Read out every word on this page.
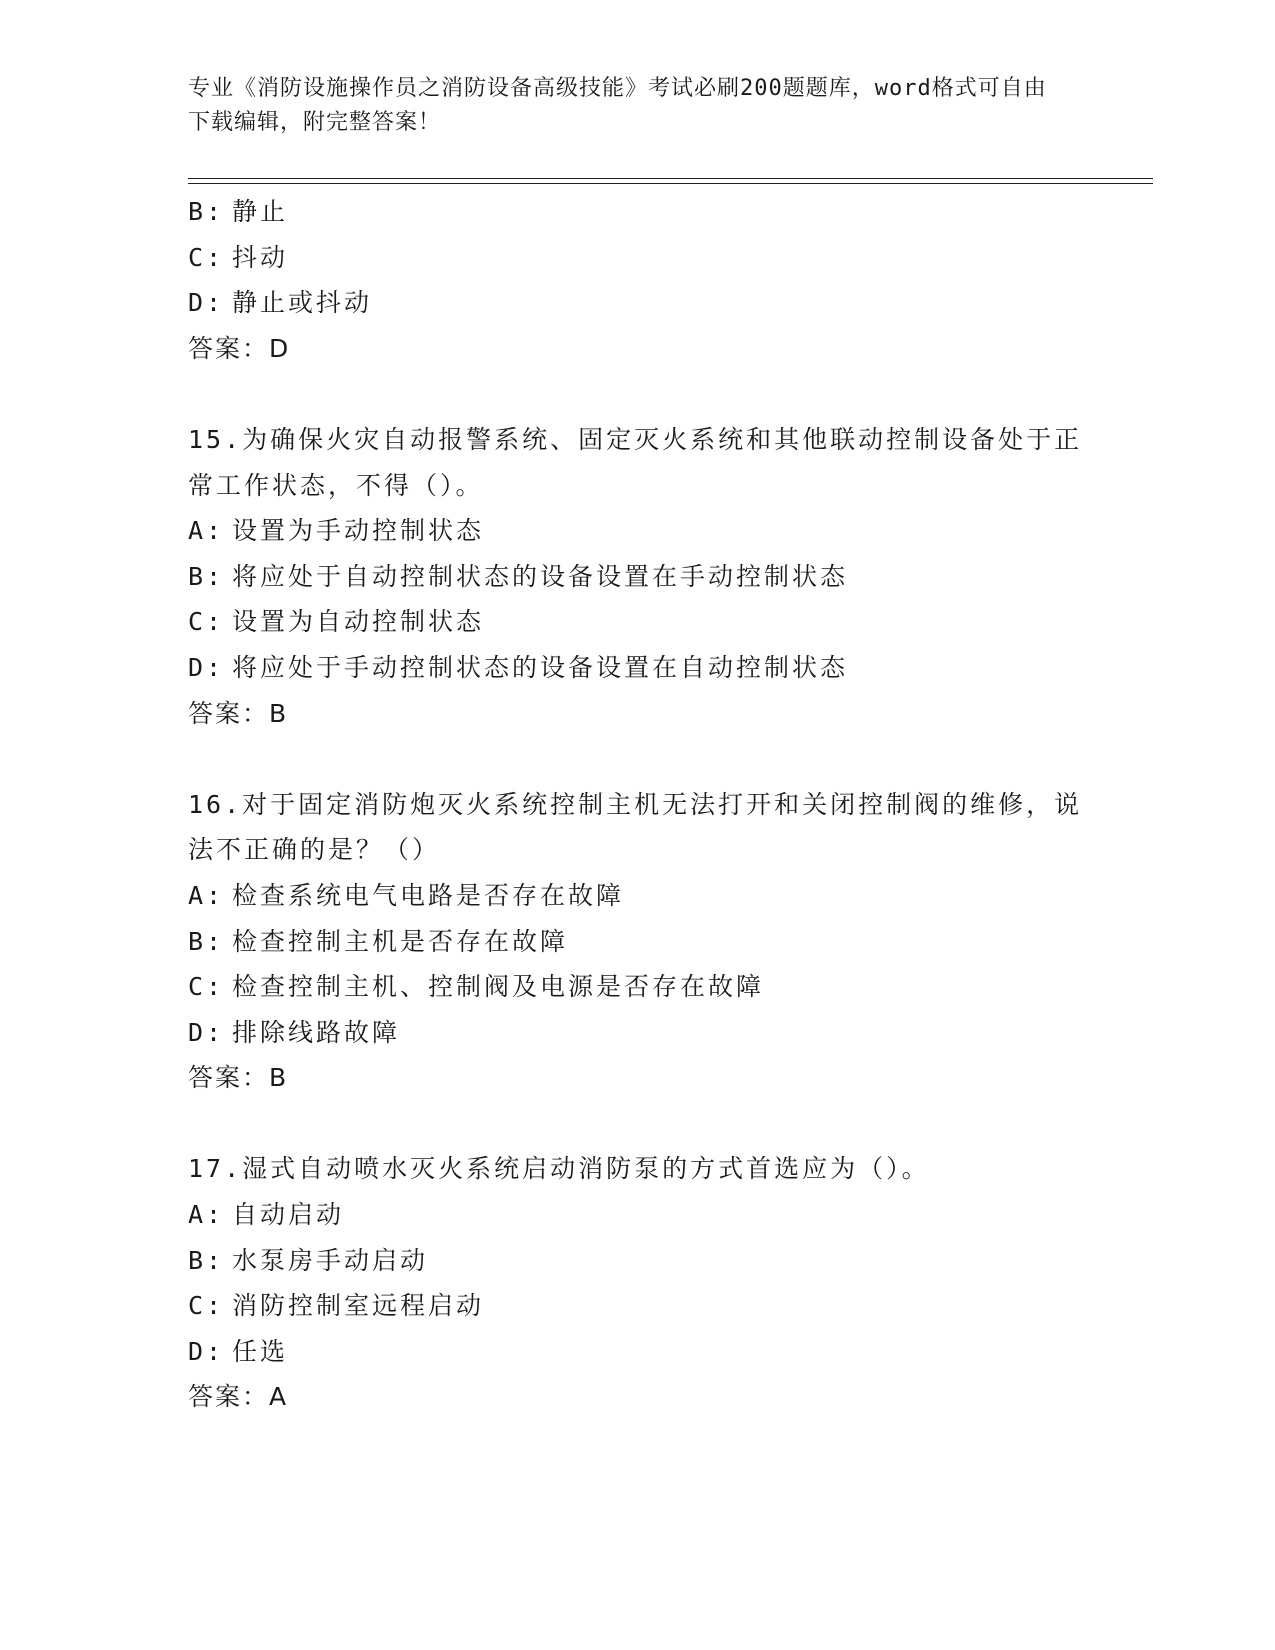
专业《消防设施操作员之消防设备高级技能》考试必刷200题题库，word格式可自由下载编辑，附完整答案！
B: 静止
C: 抖动
D: 静止或抖动
答案：D
15.为确保火灾自动报警系统、固定灭火系统和其他联动控制设备处于正常工作状态，不得（）。
A: 设置为手动控制状态
B: 将应处于自动控制状态的设备设置在手动控制状态
C: 设置为自动控制状态
D: 将应处于手动控制状态的设备设置在自动控制状态
答案：B
16.对于固定消防炮灭火系统控制主机无法打开和关闭控制阀的维修，说法不正确的是？（）
A: 检查系统电气电路是否存在故障
B: 检查控制主机是否存在故障
C: 检查控制主机、控制阀及电源是否存在故障
D: 排除线路故障
答案：B
17.湿式自动喷水灭火系统启动消防泵的方式首选应为（）。
A: 自动启动
B: 水泵房手动启动
C: 消防控制室远程启动
D: 任选
答案：A
